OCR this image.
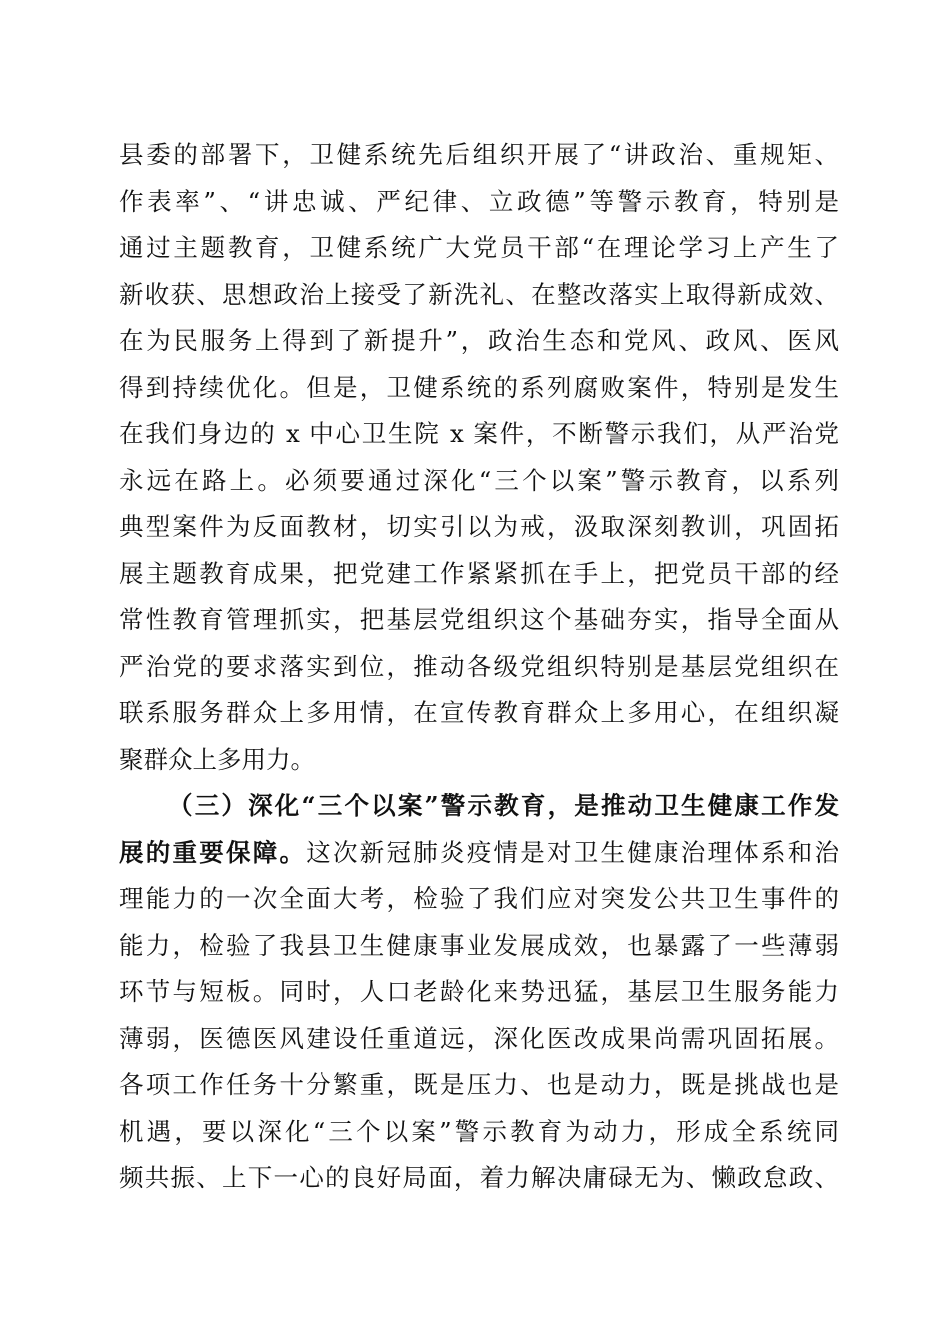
县委的部署下，卫健系统先后组织开展了“讲政治、重规矩、
作表率”、“讲忠诚、严纪律、立政德”等警示教育，特别是
通过主题教育，卫健系统广大党员干部“在理论学习上产生了
新收获、思想政治上接受了新洗礼、在整改落实上取得新成效、
在为民服务上得到了新提升”，政治生态和党风、政风、医风
得到持续优化。但是，卫健系统的系列腐败案件，特别是发生
在我们身边的 x 中心卫生院 x 案件，不断警示我们，从严治党
永远在路上。必须要通过深化“三个以案”警示教育，以系列
典型案件为反面教材，切实引以为戒，汲取深刻教训，巩固拓
展主题教育成果，把党建工作紧紧抓在手上，把党员干部的经
常性教育管理抓实，把基层党组织这个基础夯实，指导全面从
严治党的要求落实到位，推动各级党组织特别是基层党组织在
联系服务群众上多用情，在宣传教育群众上多用心，在组织凝
聚群众上多用力。
（三）深化“三个以案”警示教育，是推动卫生健康工作发
展的重要保障。这次新冠肺炎疫情是对卫生健康治理体系和治
理能力的一次全面大考，检验了我们应对突发公共卫生事件的
能力，检验了我县卫生健康事业发展成效，也暴露了一些薄弱
环节与短板。同时，人口老龄化来势迅猛，基层卫生服务能力
薄弱，医德医风建设任重道远，深化医改成果尚需巩固拓展。
各项工作任务十分繁重，既是压力、也是动力，既是挑战也是
机遇，要以深化“三个以案”警示教育为动力，形成全系统同
频共振、上下一心的良好局面，着力解决庸碌无为、懒政怠政、
